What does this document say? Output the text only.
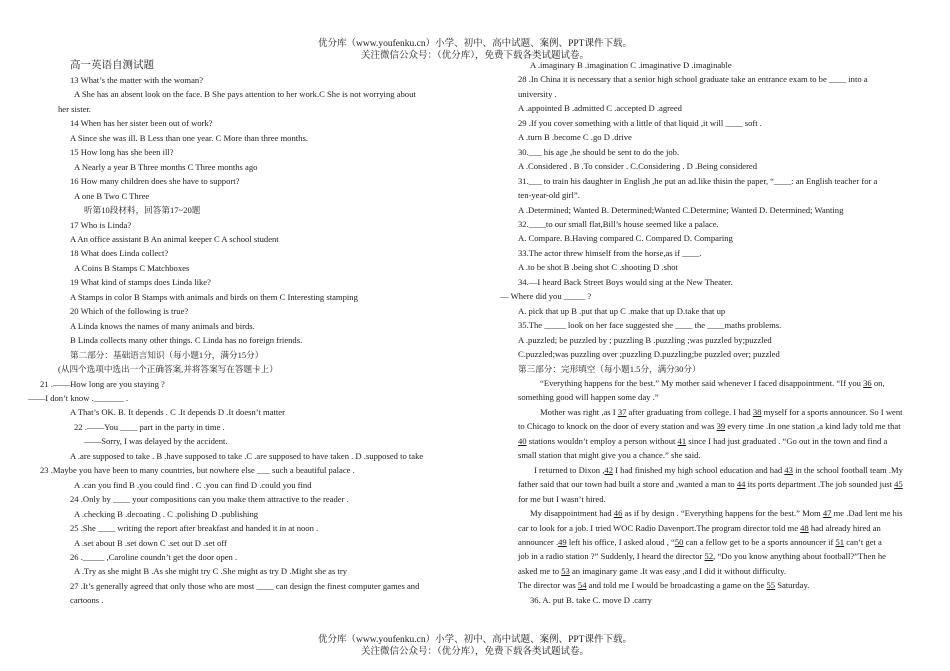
优分库（www.youfenku.cn）小学、初中、高中试题、案例、PPT课件下载。
关注微信公众号：（优分库），免费下载各类试题试卷。
高一英语自测试题
13 What’s the matter with the woman?
A She has an absent look on the face. B She pays attention to her work.C She is not worrying about
her sister.
14 When has her sister been out of work?
A Since she was ill. B Less than one year. C More than three months.
15 How long has she been ill?
A Nearly a year B Three months C Three months ago
16 How many children does she have to support?
A one B Two C Three
听第10段材料，回答第17~20题
17 Who is Linda?
A An office assistant B An animal keeper C A school student
18 What does Linda collect?
A Coins B Stamps C Matchboxes
19 What kind of stamps does Linda like?
A Stamps in color B Stamps with animals and birds on them C Interesting stamping
20 Which of the following is true?
A Linda knows the names of many animals and birds.
B Linda collects many other things. C Linda has no foreign friends.
第二部分：基础语言知识（每小题1分，满分15分）
(从四个选项中选出一个正确答案,并将答案写在答题卡上）
21 .——How long are you staying ?
——I don’t know ._______ .
A That’s OK. B. It depends . C .It depends D .It doesn’t matter
22 .——You ____ part in the party in time .
——Sorry, I was delayed by the accident.
A .are supposed to take . B .have supposed to take .C .are supposed to have taken . D .supposed to take
23 .Maybe you have been to many countries, but nowhere else ___ such a beautiful palace .
A .can you find B .you could find . C .you can find D .could you find
24 .Only by ____ your compositions can you make them attractive to the reader .
A .checking B .decoating . C .polishing D .publishing
25 .She ____ writing the report after breakfast and handed it in at noon .
A .set about B .set down C .set out D .set off
26 ._____ ,Caroline coundn’t get the door open .
A .Try as she might B .As she might try C .She might as try D .Might she as try
27 .It’s generally agreed that only those who are most ____ can design the finest computer games and
cartoons .
A .imaginary B .imagination C .imaginative D .imaginable
28 .In China it is necessary that a senior high school graduate take an entrance exam to be ____ into a
university .
A .appointed B .admitted C .accepted D .agreed
29 .If you cover something with a little of that liquid ,it will ____ soft .
A .turn B .become C .go D .drive
30.___ his age ,he should be sent to do the job.
A .Considered . B .To consider . C.Considering . D .Being considered
31.___ to train his daughter in English ,he put an ad.like thisin the paper, “____: an English teacher for a
ten-year-old girl”.
A .Determined; Wanted B. Determined;Wanted C.Determine; Wanted D. Determined; Wanting
32.____to our small flat,Bill’s house seemed like a palace.
A. Compare. B.Having compared C. Compared D. Comparing
33.The actor threw himself from the horse,as if ____.
A .to be shot B .being shot C .shooting D .shot
34.—I heard Back Street Boys would sing at the New Theater.
— Where did you _____ ?
A. pick that up B .put that up C .make that up D.take that up
35.The _____ look on her face suggested she ____ the ____maths problems.
A .puzzled; be puzzled by ; puzzling B .puzzling ;was puzzled by;puzzled
C.puzzled;was puzzling over ;puzzling D.puzzling;be puzzled over; puzzled
第三部分：完形填空（每小题1.5分，满分30分）
“Everything happens for the best.” My mother said whenever I faced disappointment. “If you 36 on,
something good will happen some day .”
Mother was right ,as I 37 after graduating from college. I had 38 myself for a sports announcer. So I went
to Chicago to knock on the door of every station and was 39 every time .In one station ,a kind lady told me that
40 stations wouldn’t employ a person without 41 since I had just graduated . “Go out in the town and find a
small station that might give you a chance.” she said.
I returned to Dixon ,42 I had finished my high school education and had 43 in the school football team .My
father said that our town had built a store and ,wanted a man to 44 its ports department .The job sounded just 45
for me but I wasn’t hired.
My disappointment had 46 as if by design . “Everything happens for the best.” Mom 47 me .Dad lent me his
car to look for a job. I tried WOC Radio Davenport.The program director told me 48 had already hired an
announcer .49 left his office, I asked aloud , “50 can a fellow get to be a sports announcer if 51 can’t get a
job in a radio station ?” Suddenly, I heard the director 52, “Do you know anything about football?”Then he
asked me to 53 an imaginary game .It was easy ,and I did it without difficulty.
The director was 54 and told me I would be broadcasting a game on the 55 Saturday.
36. A. put B. take C. move D .carry
优分库（www.youfenku.cn）小学、初中、高中试题、案例、PPT课件下载。
关注微信公众号：（优分库），免费下载各类试题试卷。
